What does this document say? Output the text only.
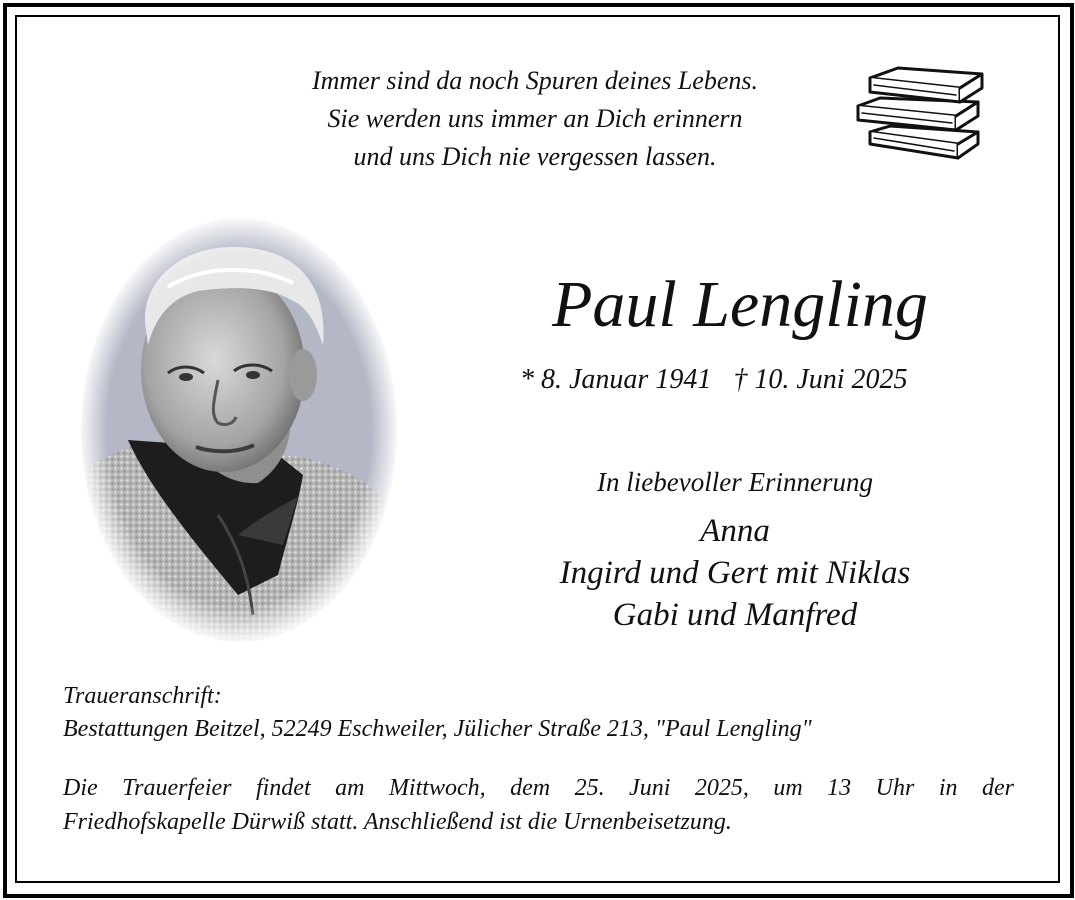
Immer sind da noch Spuren deines Lebens.
Sie werden uns immer an Dich erinnern
und uns Dich nie vergessen lassen.
Paul Lengling
* 8. Januar 1941 † 10. Juni 2025
In liebevoller Erinnerung
Anna
Ingird und Gert mit Niklas
Gabi und Manfred
Traueranschrift:
Bestattungen Beitzel, 52249 Eschweiler, Jülicher Straße 213, "Paul Lengling"
Die Trauerfeier findet am Mittwoch, dem 25. Juni 2025, um 13 Uhr in der
Friedhofskapelle Dürwiß statt. Anschließend ist die Urnenbeisetzung.
